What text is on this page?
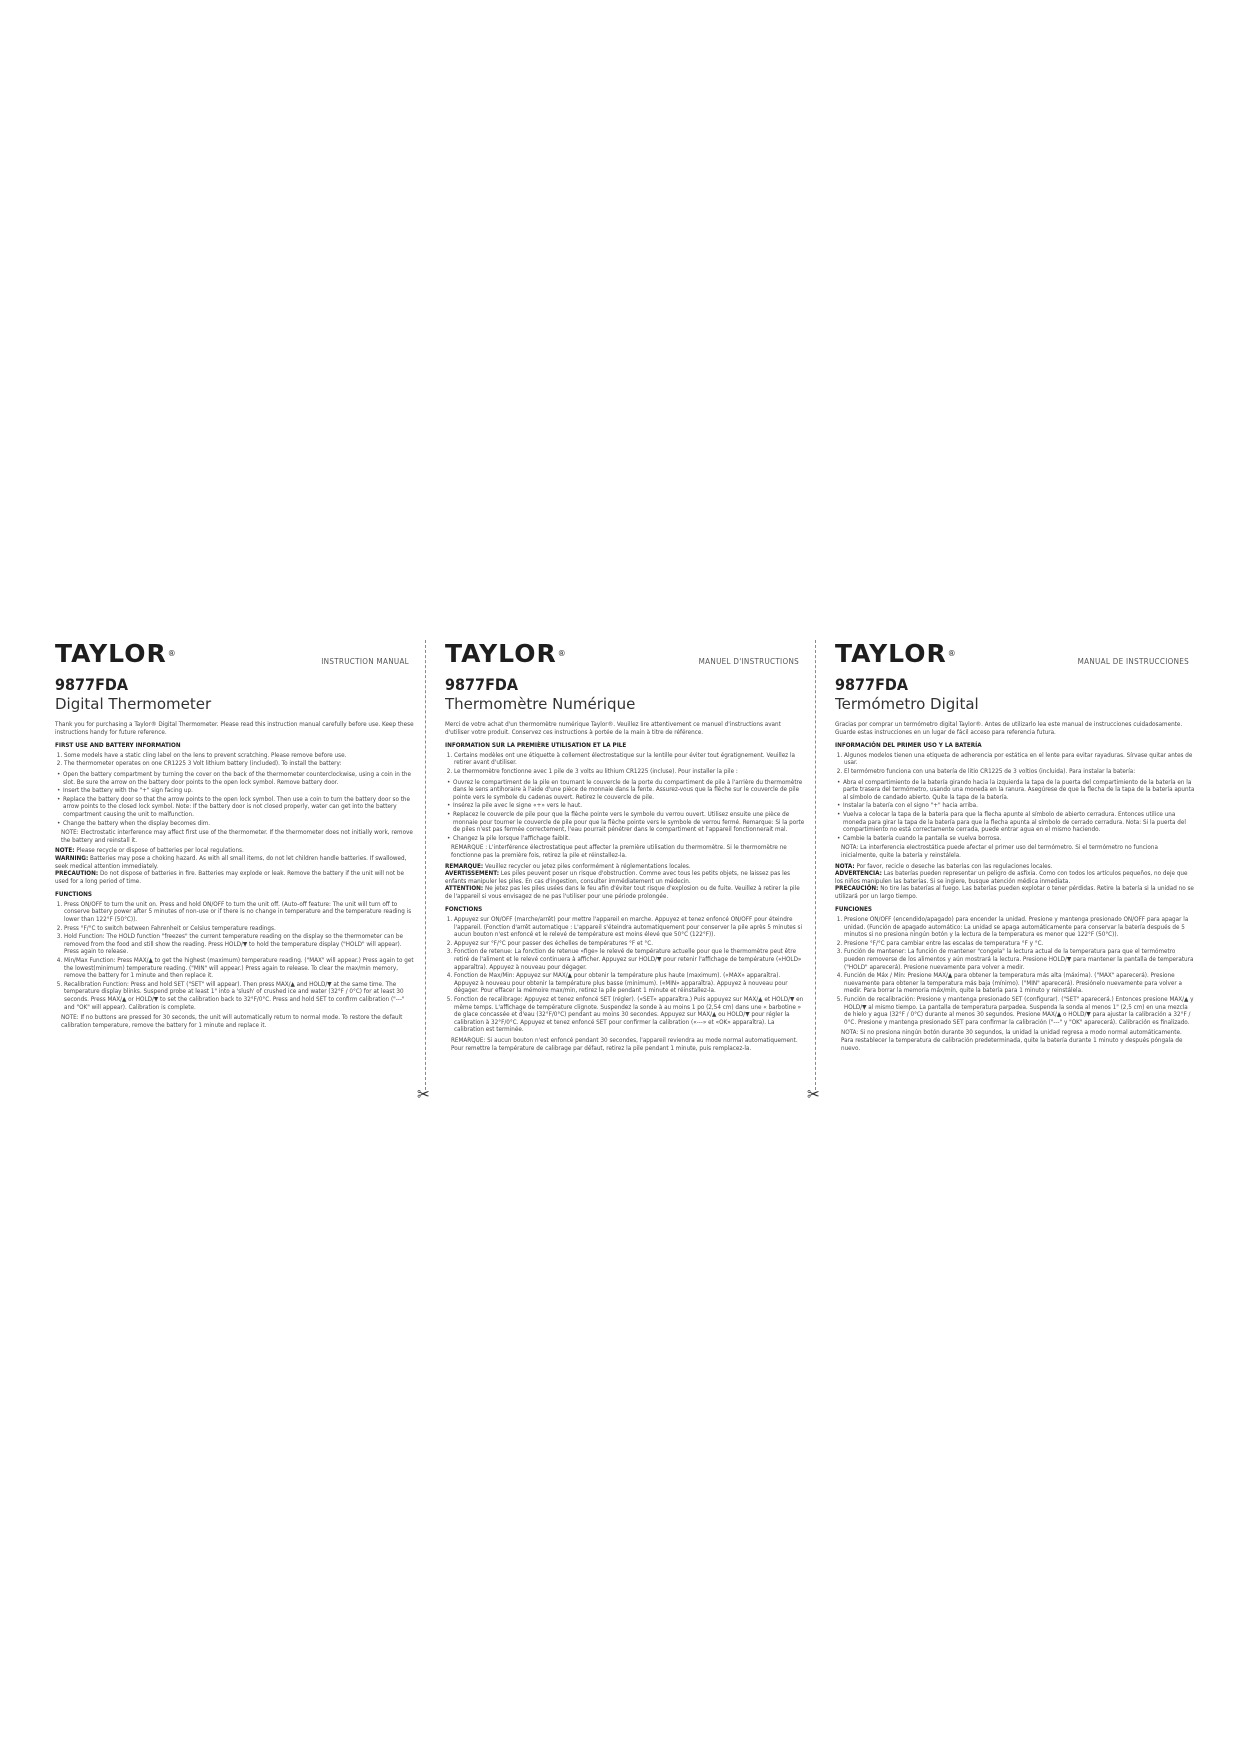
TAYLOR®
INSTRUCTION MANUAL
9877FDA
Digital Thermometer

Thank you for purchasing a Taylor® Digital Thermometer. Please read this instruction manual carefully before use. Keep these instructions handy for future reference.

FIRST USE AND BATTERY INFORMATION
1. Some models have a static cling label on the lens to prevent scratching. Please remove before use.
2. The thermometer operates on one CR1225 3 Volt lithium battery (included). To install the battery:
• Open the battery compartment by turning the cover on the back of the thermometer counterclockwise, using a coin in the slot. Be sure the arrow on the battery door points to the open lock symbol. Remove battery door.
• Insert the battery with the "+" sign facing up.
• Replace the battery door so that the arrow points to the open lock symbol. Then use a coin to turn the battery door so the arrow points to the closed lock symbol. Note: If the battery door is not closed properly, water can get into the battery compartment causing the unit to malfunction.
• Change the battery when the display becomes dim.

NOTE: Electrostatic interference may affect first use of the thermometer. If the thermometer does not initially work, remove the battery and reinstall it.

NOTE: Please recycle or dispose of batteries per local regulations.

WARNING: Batteries may pose a choking hazard. As with all small items, do not let children handle batteries. If swallowed, seek medical attention immediately.

PRECAUTION: Do not dispose of batteries in fire. Batteries may explode or leak. Remove the battery if the unit will not be used for a long period of time.

FUNCTIONS
1. Press ON/OFF to turn the unit on. Press and hold ON/OFF to turn the unit off. (Auto-off feature: The unit will turn off to conserve battery power after 5 minutes of non-use or if there is no change in temperature and the temperature reading is lower than 122°F (50°C)).
2. Press °F/°C to switch between Fahrenheit or Celsius temperature readings.
3. Hold Function: The HOLD function "freezes" the current temperature reading on the display so the thermometer can be removed from the food and still show the reading. Press HOLD/▼ to hold the temperature display ("HOLD" will appear). Press again to release.
4. Min/Max Function: Press MAX/▲ to get the highest (maximum) temperature reading. ("MAX" will appear.) Press again to get the lowest(minimum) temperature reading. ("MIN" will appear.) Press again to release. To clear the max/min memory, remove the battery for 1 minute and then replace it.
5. Recalibration Function: Press and hold SET ("SET" will appear). Then press MAX/▲ and HOLD/▼ at the same time. The temperature display blinks. Suspend probe at least 1" into a 'slush' of crushed ice and water (32°F / 0°C) for at least 30 seconds. Press MAX/▲ or HOLD/▼ to set the calibration back to 32°F/0°C. Press and hold SET to confirm calibration ("---" and "OK" will appear). Calibration is complete.

NOTE: If no buttons are pressed for 30 seconds, the unit will automatically return to normal mode. To restore the default calibration temperature, remove the battery for 1 minute and replace it.

TAYLOR®
MANUEL D'INSTRUCTIONS
9877FDA
Thermomètre Numérique

Merci de votre achat d'un thermomètre numérique Taylor®. Veuillez lire attentivement ce manuel d'instructions avant d'utiliser votre produit. Conservez ces instructions à portée de la main à titre de référence.

INFORMATION SUR LA PREMIÈRE UTILISATION ET LA PILE
1. Certains modèles ont une étiquette à collement électrostatique sur la lentille pour éviter tout égratignement. Veuillez la retirer avant d'utiliser.
2. Le thermomètre fonctionne avec 1 pile de 3 volts au lithium CR1225 (incluse). Pour installer la pile :
• Ouvrez le compartiment de la pile en tournant le couvercle de la porte du compartiment de pile à l'arrière du thermomètre dans le sens antihoraire à l'aide d'une pièce de monnaie dans la fente. Assurez-vous que la flèche sur le couvercle de pile pointe vers le symbole du cadenas ouvert. Retirez le couvercle de pile.
• Insérez la pile avec le signe «+» vers le haut.
• Replacez le couvercle de pile pour que la flèche pointe vers le symbole du verrou ouvert. Utilisez ensuite une pièce de monnaie pour tourner le couvercle de pile pour que la flèche pointe vers le symbole de verrou fermé. Remarque: Si la porte de piles n'est pas fermée correctement, l'eau pourrait pénétrer dans le compartiment et l'appareil fonctionnerait mal.
• Changez la pile lorsque l'affichage faiblit.

REMARQUE : L'interférence électrostatique peut affecter la première utilisation du thermomètre. Si le thermomètre ne fonctionne pas la première fois, retirez la pile et réinstallez-la.

REMARQUE: Veuillez recycler ou jetez piles conformément à réglementations locales.

AVERTISSEMENT: Les piles peuvent poser un risque d'obstruction. Comme avec tous les petits objets, ne laissez pas les enfants manipuler les piles. En cas d'ingestion, consulter immédiatement un médecin.

ATTENTION: Ne jetez pas les piles usées dans le feu afin d'éviter tout risque d'explosion ou de fuite. Veuillez à retirer la pile de l'appareil si vous envisagez de ne pas l'utiliser pour une période prolongée.

FONCTIONS
1. Appuyez sur ON/OFF (marche/arrêt) pour mettre l'appareil en marche. Appuyez et tenez enfoncé ON/OFF pour éteindre l'appareil. (Fonction d'arrêt automatique : L'appareil s'éteindra automatiquement pour conserver la pile après 5 minutes si aucun bouton n'est enfoncé et le relevé de température est moins élevé que 50°C (122°F)).
2. Appuyez sur °F/°C pour passer des échelles de températures °F et °C.
3. Fonction de retenue: La fonction de retenue «fige» le relevé de température actuelle pour que le thermomètre peut être retiré de l'aliment et le relevé continuera à afficher. Appuyez sur HOLD/▼ pour retenir l'affichage de température («HOLD» apparaîtra). Appuyez à nouveau pour dégager.
4. Fonction de Max/Min: Appuyez sur MAX/▲ pour obtenir la température plus haute (maximum). («MAX» apparaîtra). Appuyez à nouveau pour obtenir la température plus basse (minimum). («MIN» apparaîtra). Appuyez à nouveau pour dégager. Pour effacer la mémoire max/min, retirez la pile pendant 1 minute et réinstallez-la.
5. Fonction de recalibrage: Appuyez et tenez enfoncé SET (régler). («SET» apparaîtra.) Puis appuyez sur MAX/▲ et HOLD/▼ en même temps. L'affichage de température clignote. Suspendez la sonde à au moins 1 po (2,54 cm) dans une « barbotine » de glace concassée et d'eau (32°F/0°C) pendant au moins 30 secondes. Appuyez sur MAX/▲ ou HOLD/▼ pour régler la calibration à 32°F/0°C. Appuyez et tenez enfoncé SET pour confirmer la calibration («---» et «OK» apparaîtra). La calibration est terminée.

REMARQUE: Si aucun bouton n'est enfoncé pendant 30 secondes, l'appareil reviendra au mode normal automatiquement. Pour remettre la température de calibrage par défaut, retirez la pile pendant 1 minute, puis remplacez-la.

TAYLOR®
MANUAL DE INSTRUCCIONES
9877FDA
Termómetro Digital

Gracias por comprar un termómetro digital Taylor®. Antes de utilizarlo lea este manual de instrucciones cuidadosamente. Guarde estas instrucciones en un lugar de fácil acceso para referencia futura.

INFORMACIÓN DEL PRIMER USO Y LA BATERÍA
1. Algunos modelos tienen una etiqueta de adherencia por estática en el lente para evitar rayaduras. Sírvase quitar antes de usar.
2. El termómetro funciona con una batería de litio CR1225 de 3 voltios (incluida). Para instalar la batería:
• Abra el compartimiento de la batería girando hacia la izquierda la tapa de la puerta del compartimiento de la batería en la parte trasera del termómetro, usando una moneda en la ranura. Asegúrese de que la flecha de la tapa de la batería apunta al símbolo de candado abierto. Quite la tapa de la batería.
• Instalar la batería con el signo "+" hacia arriba.
• Vuelva a colocar la tapa de la batería para que la flecha apunte al símbolo de abierto cerradura. Entonces utilice una moneda para girar la tapa de la batería para que la flecha apunta al símbolo de cerrado cerradura. Nota: Si la puerta del compartimiento no está correctamente cerrada, puede entrar agua en el mismo haciendo.
• Cambie la batería cuando la pantalla se vuelva borrosa.

NOTA: La interferencia electrostática puede afectar el primer uso del termómetro. Si el termómetro no funciona inicialmente, quite la batería y reinstálela.

NOTA: Por favor, recicle o deseche las baterías con las regulaciones locales.

ADVERTENCIA: Las baterías pueden representar un peligro de asfixia. Como con todos los artículos pequeños, no deje que los niños manipulen las baterías. Si se ingiere, busque atención médica inmediata.

PRECAUCIÓN: No tire las baterías al fuego. Las baterías pueden explotar o tener pérdidas. Retire la batería si la unidad no se utilizará por un largo tiempo.

FUNCIONES
1. Presione ON/OFF (encendido/apagado) para encender la unidad. Presione y mantenga presionado ON/OFF para apagar la unidad. (Función de apagado automático: La unidad se apaga automáticamente para conservar la batería después de 5 minutos si no presiona ningún botón y la lectura de la temperatura es menor que 122°F (50°C)).
2. Presione °F/°C para cambiar entre las escalas de temperatura °F y °C.
3. Función de mantener: La función de mantener "congela" la lectura actual de la temperatura para que el termómetro pueden removerse de los alimentos y aún mostrará la lectura. Presione HOLD/▼ para mantener la pantalla de temperatura ("HOLD" aparecerá). Presione nuevamente para volver a medir.
4. Función de Máx / Mín: Presione MAX/▲ para obtener la temperatura más alta (máxima). ("MAX" aparecerá). Presione nuevamente para obtener la temperatura más baja (mínimo). ("MIN" aparecerá). Presiónelo nuevamente para volver a medir. Para borrar la memoria máx/mín, quite la batería para 1 minuto y reinstálela.
5. Función de recalibración: Presione y mantenga presionado SET (configurar). ("SET" aparecerá.) Entonces presione MAX/▲ y HOLD/▼ al mismo tiempo. La pantalla de temperatura parpadea. Suspenda la sonda al menos 1" (2,5 cm) en una mezcla de hielo y agua (32°F / 0°C) durante al menos 30 segundos. Presione MAX/▲ o HOLD/▼ para ajustar la calibración a 32°F / 0°C. Presione y mantenga presionado SET para confirmar la calibración ("---" y "OK" aparecerá). Calibración es finalizado.

NOTA: Si no presiona ningún botón durante 30 segundos, la unidad la unidad regresa a modo normal automáticamente. Para restablecer la temperatura de calibración predeterminada, quite la batería durante 1 minuto y después póngala de nuevo.

✂	✂
